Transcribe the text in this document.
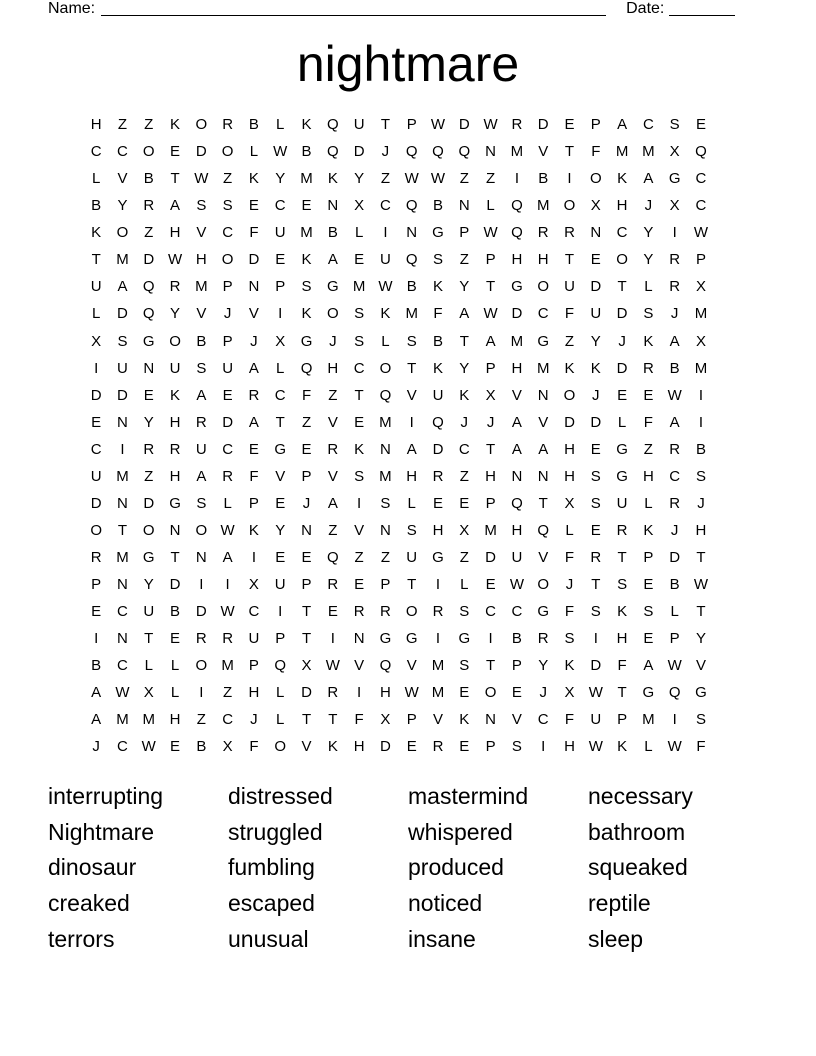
Name:	Date:
nightmare
H	Z	Z	K	O	R	B	L	K	Q	U	T	P W D W R	D	E	P	A	C	S	E
C	C	O	E	D	O	L	W B	Q	D	J	Q Q Q	N M	V	T	F	M M	X	Q
L	V	B	T W Z	K	Y	M	K	Y	Z W W Z	Z	I	B	I	O	K	A	G	C
B	Y	R	A	S	S	E	C	E	N	X	C	Q	B	N	L	Q M O	X	H	J	X	C
K	O	Z	H	V	C	F	U M	B	L	I	N	G	P W Q	R	R	N	C	Y	I	W
T	M D W H	O	D	E	K	A	E	U	Q	S	Z	P	H	H	T	E	O	Y	R	P
U	A	Q	R M	P	N	P	S	G M W B	K	Y	T	G O	U	D	T	L	R	X
L	D	Q	Y	V	J	V	I	K	O	S	K	M	F	A W D	C	F	U	D	S	J	M
X	S	G O	B	P	J	X	G	J	S	L	S	B	T	A	M G	Z	Y	J	K	A	X
I	U	N	U	S	U	A	L	Q	H	C	O	T	K	Y	P	H M	K	K	D	R	B	M
D	D	E	K	A	E	R	C	F	Z	T	Q	V	U	K	X	V	N	O	J	E	E W	I
E	N	Y	H	R	D	A	T	Z	V	E	M	I	Q	J	J	A	V	D	D	L	F	A	I
C	I	R	R	U	C	E	G	E	R	K	N	A	D	C	T	A	A	H	E	G	Z	R	B
U M	Z	H	A	R	F	V	P	V	S	M H	R	Z	H	N	N	H	S	G	H	C	S
D	N	D	G	S	L	P	E	J	A	I	S	L	E	E	P	Q	T	X	S	U	L	R	J
O	T	O	N	O W K	Y	N	Z	V	N	S	H	X	M H	Q	L	E	R	K	J	H
R M G	T	N	A	I	E	E	Q	Z	Z	U	G	Z	D	U	V	F	R	T	P	D	T
P	N	Y	D	I	I	X	U	P	R	E	P	T	I	L	E W O	J	T	S	E	B W
E	C	U	B	D W C	I	T	E	R	R	O	R	S	C	C	G	F	S	K	S	L	T
I	N	T	E	R	R	U	P	T	I	N	G G	I	G	I	B	R	S	I	H	E	P	Y
B	C	L	L	O M	P	Q	X W V	Q	V	M	S	T	P	Y	K	D	F	A W V
A W X	L	I	Z	H	L	D	R	I	H W M	E	O	E	J	X W T	G Q G
A	M M H	Z	C	J	L	T	T	F	X	P	V	K	N	V	C	F	U	P	M	I	S
J	C W E	B	X	F	O	V	K	H	D	E	R	E	P	S	I	H W K	L	W F
interrupting	distressed	mastermind	necessary
Nightmare	struggled	whispered	bathroom
dinosaur	fumbling	produced	squeaked
creaked	escaped	noticed	reptile
terrors	unusual	insane	sleep
